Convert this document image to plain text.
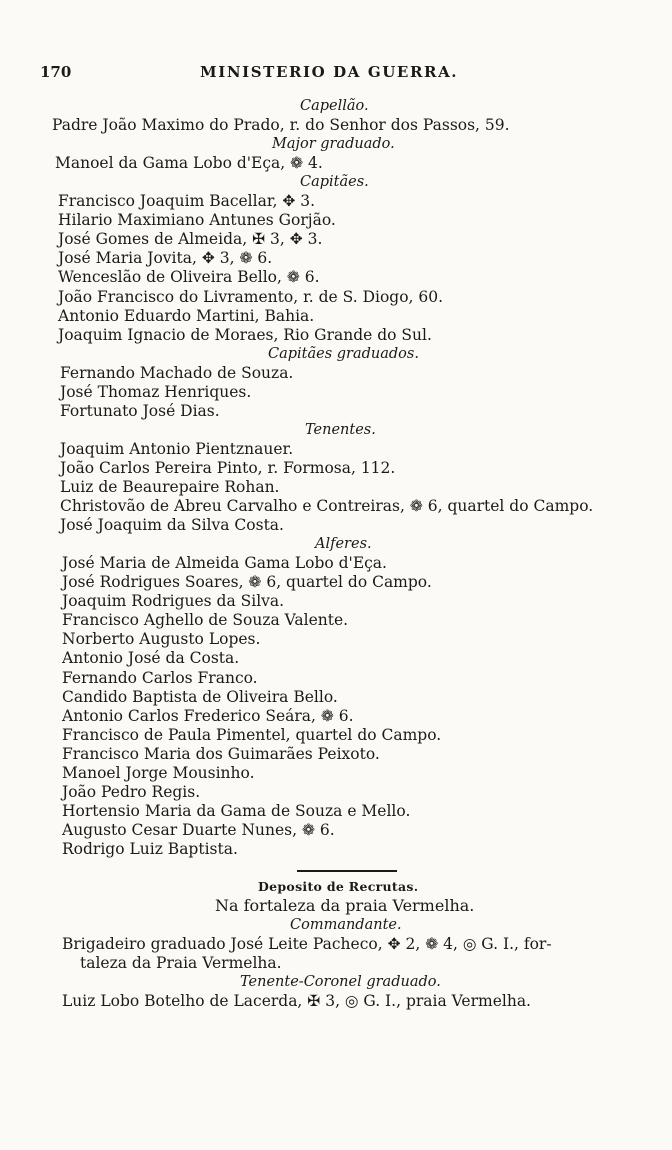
170	MINISTERIO DA GUERRA.
Capellão.
Padre João Maximo do Prado, r. do Senhor dos Passos, 59.
Major graduado.
Manoel da Gama Lobo d'Eça, ❁ 4.
Capitães.
Francisco Joaquim Bacellar, ✥ 3.
Hilario Maximiano Antunes Gorjão.
José Gomes de Almeida, ✠ 3, ✥ 3.
José Maria Jovita, ✥ 3, ❁ 6.
Wenceslão de Oliveira Bello, ❁ 6.
João Francisco do Livramento, r. de S. Diogo, 60.
Antonio Eduardo Martini, Bahia.
Joaquim Ignacio de Moraes, Rio Grande do Sul.
Capitães graduados.
Fernando Machado de Souza.
José Thomaz Henriques.
Fortunato José Dias.
Tenentes.
Joaquim Antonio Pientznauer.
João Carlos Pereira Pinto, r. Formosa, 112.
Luiz de Beaurepaire Rohan.
Christovão de Abreu Carvalho e Contreiras, ❁ 6, quartel do Campo.
José Joaquim da Silva Costa.
Alferes.
José Maria de Almeida Gama Lobo d'Eça.
José Rodrigues Soares, ❁ 6, quartel do Campo.
Joaquim Rodrigues da Silva.
Francisco Aghello de Souza Valente.
Norberto Augusto Lopes.
Antonio José da Costa.
Fernando Carlos Franco.
Candido Baptista de Oliveira Bello.
Antonio Carlos Frederico Seára, ❁ 6.
Francisco de Paula Pimentel, quartel do Campo.
Francisco Maria dos Guimarães Peixoto.
Manoel Jorge Mousinho.
João Pedro Regis.
Hortensio Maria da Gama de Souza e Mello.
Augusto Cesar Duarte Nunes, ❁ 6.
Rodrigo Luiz Baptista.
Deposito de Recrutas.
Na fortaleza da praia Vermelha.
Commandante.
Brigadeiro graduado José Leite Pacheco, ✥ 2, ❁ 4, ◎ G. I., for-
taleza da Praia Vermelha.
Tenente-Coronel graduado.
Luiz Lobo Botelho de Lacerda, ✠ 3, ◎ G. I., praia Vermelha.
